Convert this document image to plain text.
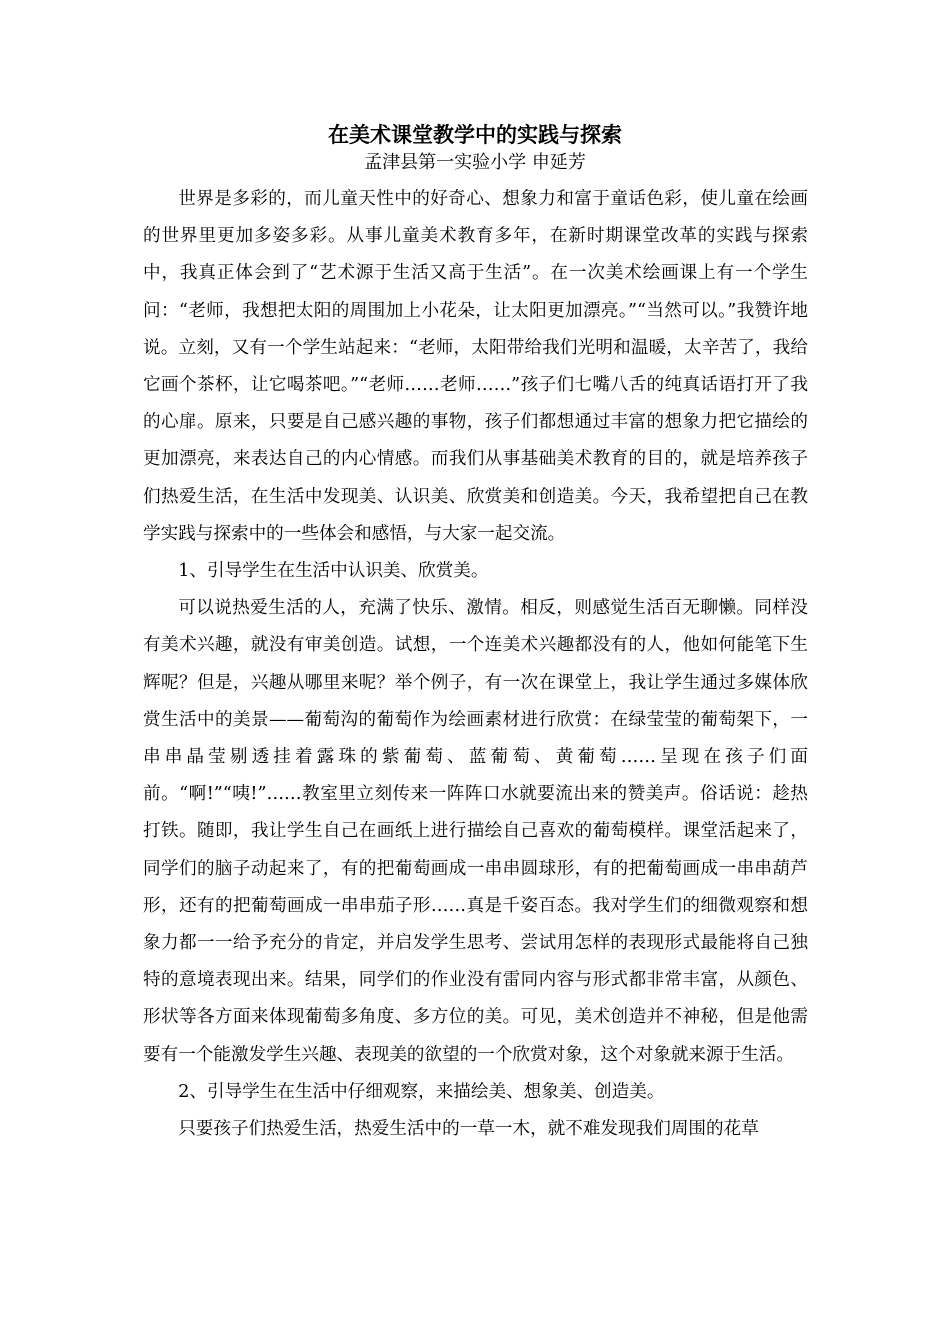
在美术课堂教学中的实践与探索
孟津县第一实验小学 申延芳

世界是多彩的，而儿童天性中的好奇心、想象力和富于童话色彩，使儿童在绘画的世界里更加多姿多彩。从事儿童美术教育多年，在新时期课堂改革的实践与探索中，我真正体会到了“艺术源于生活又高于生活”。在一次美术绘画课上有一个学生问：“老师，我想把太阳的周围加上小花朵，让太阳更加漂亮。”“当然可以。”我赞许地说。立刻，又有一个学生站起来：“老师，太阳带给我们光明和温暖，太辛苦了，我给它画个茶杯，让它喝茶吧。”“老师……老师……”孩子们七嘴八舌的纯真话语打开了我的心扉。原来，只要是自己感兴趣的事物，孩子们都想通过丰富的想象力把它描绘的更加漂亮，来表达自己的内心情感。而我们从事基础美术教育的目的，就是培养孩子们热爱生活，在生活中发现美、认识美、欣赏美和创造美。今天，我希望把自己在教学实践与探索中的一些体会和感悟，与大家一起交流。

1、引导学生在生活中认识美、欣赏美。

可以说热爱生活的人，充满了快乐、激情。相反，则感觉生活百无聊懒。同样没有美术兴趣，就没有审美创造。试想，一个连美术兴趣都没有的人，他如何能笔下生辉呢？但是，兴趣从哪里来呢？举个例子，有一次在课堂上，我让学生通过多媒体欣赏生活中的美景——葡萄沟的葡萄作为绘画素材进行欣赏：在绿莹莹的葡萄架下，一串串晶莹剔透挂着露珠的紫葡萄、蓝葡萄、黄葡萄……呈现在孩子们面前。“啊!”“咦!”……教室里立刻传来一阵阵口水就要流出来的赞美声。俗话说：趁热打铁。随即，我让学生自己在画纸上进行描绘自己喜欢的葡萄模样。课堂活起来了，同学们的脑子动起来了，有的把葡萄画成一串串圆球形，有的把葡萄画成一串串葫芦形，还有的把葡萄画成一串串茄子形……真是千姿百态。我对学生们的细微观察和想象力都一一给予充分的肯定，并启发学生思考、尝试用怎样的表现形式最能将自己独特的意境表现出来。结果，同学们的作业没有雷同内容与形式都非常丰富，从颜色、形状等各方面来体现葡萄多角度、多方位的美。可见，美术创造并不神秘，但是他需要有一个能激发学生兴趣、表现美的欲望的一个欣赏对象，这个对象就来源于生活。

2、引导学生在生活中仔细观察，来描绘美、想象美、创造美。

只要孩子们热爱生活，热爱生活中的一草一木，就不难发现我们周围的花草
